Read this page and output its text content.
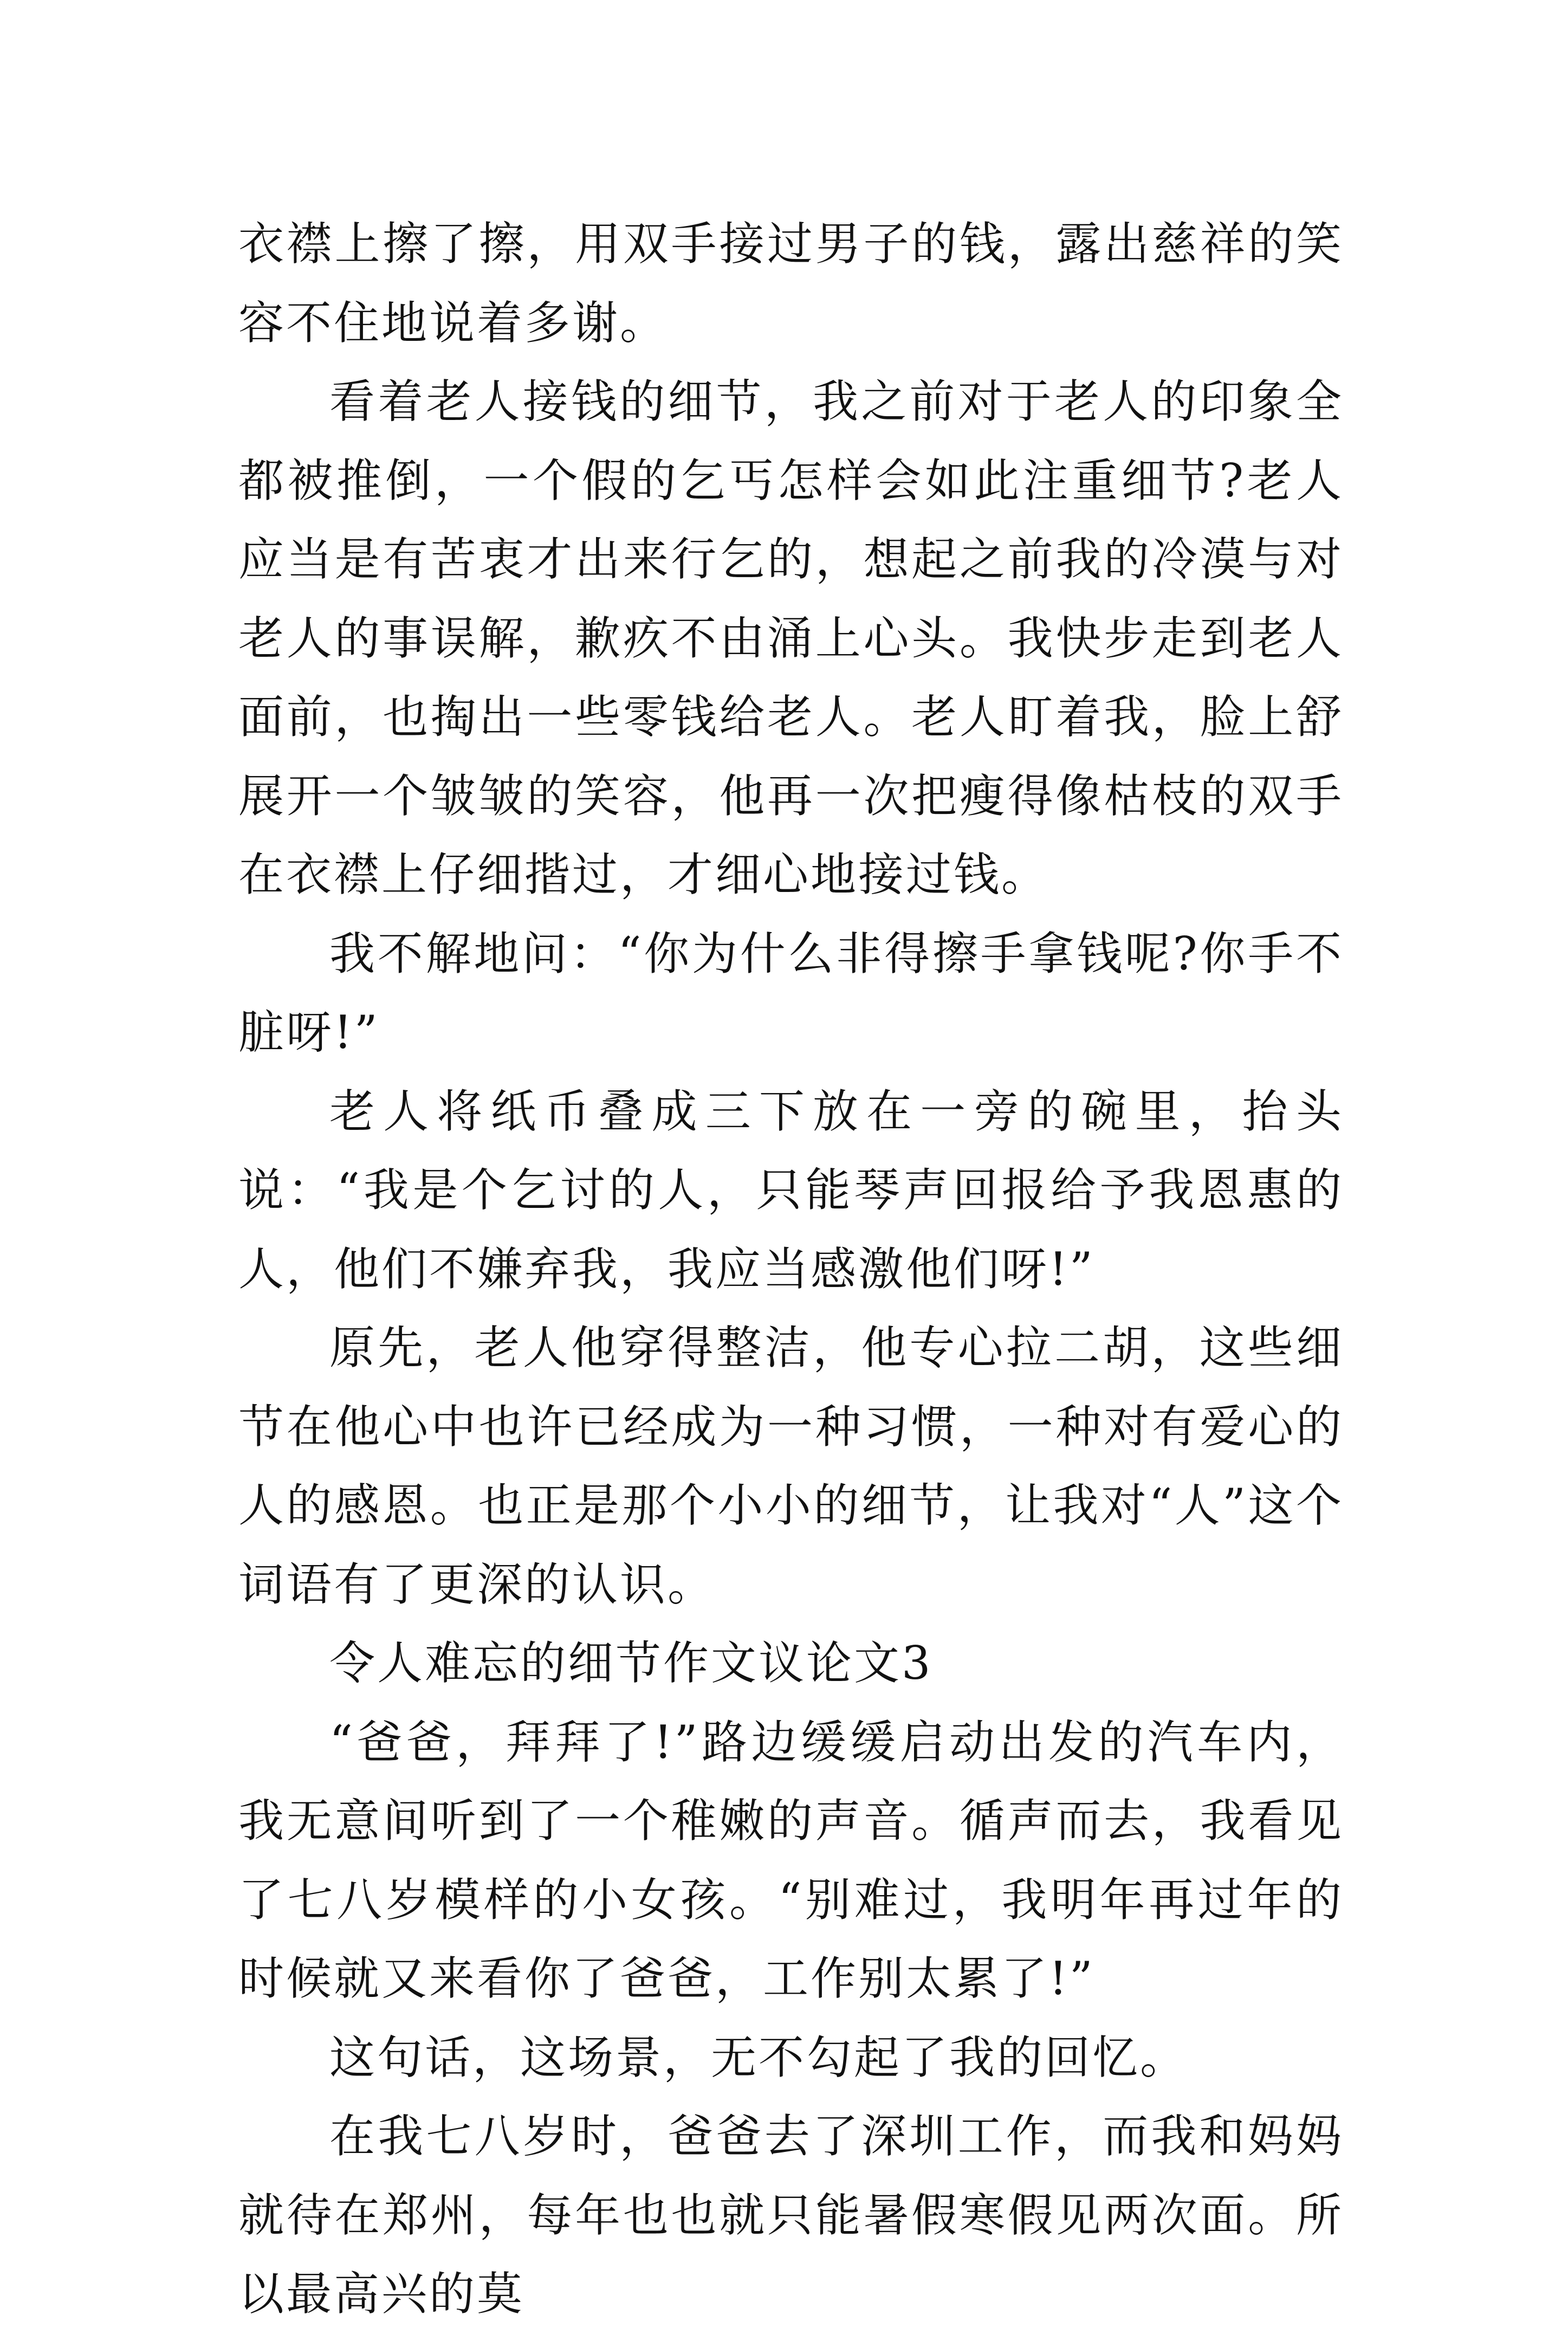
衣襟上擦了擦，用双手接过男子的钱，露出慈祥的笑容不住地说着多谢。

看着老人接钱的细节，我之前对于老人的印象全都被推倒，一个假的乞丐怎样会如此注重细节?老人应当是有苦衷才出来行乞的，想起之前我的冷漠与对老人的事误解，歉疚不由涌上心头。我快步走到老人面前，也掏出一些零钱给老人。老人盯着我，脸上舒展开一个皱皱的笑容，他再一次把瘦得像枯枝的双手在衣襟上仔细揩过，才细心地接过钱。

我不解地问：“你为什么非得擦手拿钱呢?你手不脏呀!”

老人将纸币叠成三下放在一旁的碗里，抬头说：“我是个乞讨的人，只能琴声回报给予我恩惠的人，他们不嫌弃我，我应当感激他们呀!”

原先，老人他穿得整洁，他专心拉二胡，这些细节在他心中也许已经成为一种习惯，一种对有爱心的人的感恩。也正是那个小小的细节，让我对“人”这个词语有了更深的认识。

令人难忘的细节作文议论文3

“爸爸，拜拜了!”路边缓缓启动出发的汽车内，我无意间听到了一个稚嫩的声音。循声而去，我看见了七八岁模样的小女孩。“别难过，我明年再过年的时候就又来看你了爸爸，工作别太累了!”

这句话，这场景，无不勾起了我的回忆。

在我七八岁时，爸爸去了深圳工作，而我和妈妈就待在郑州，每年也也就只能暑假寒假见两次面。所以最高兴的莫
